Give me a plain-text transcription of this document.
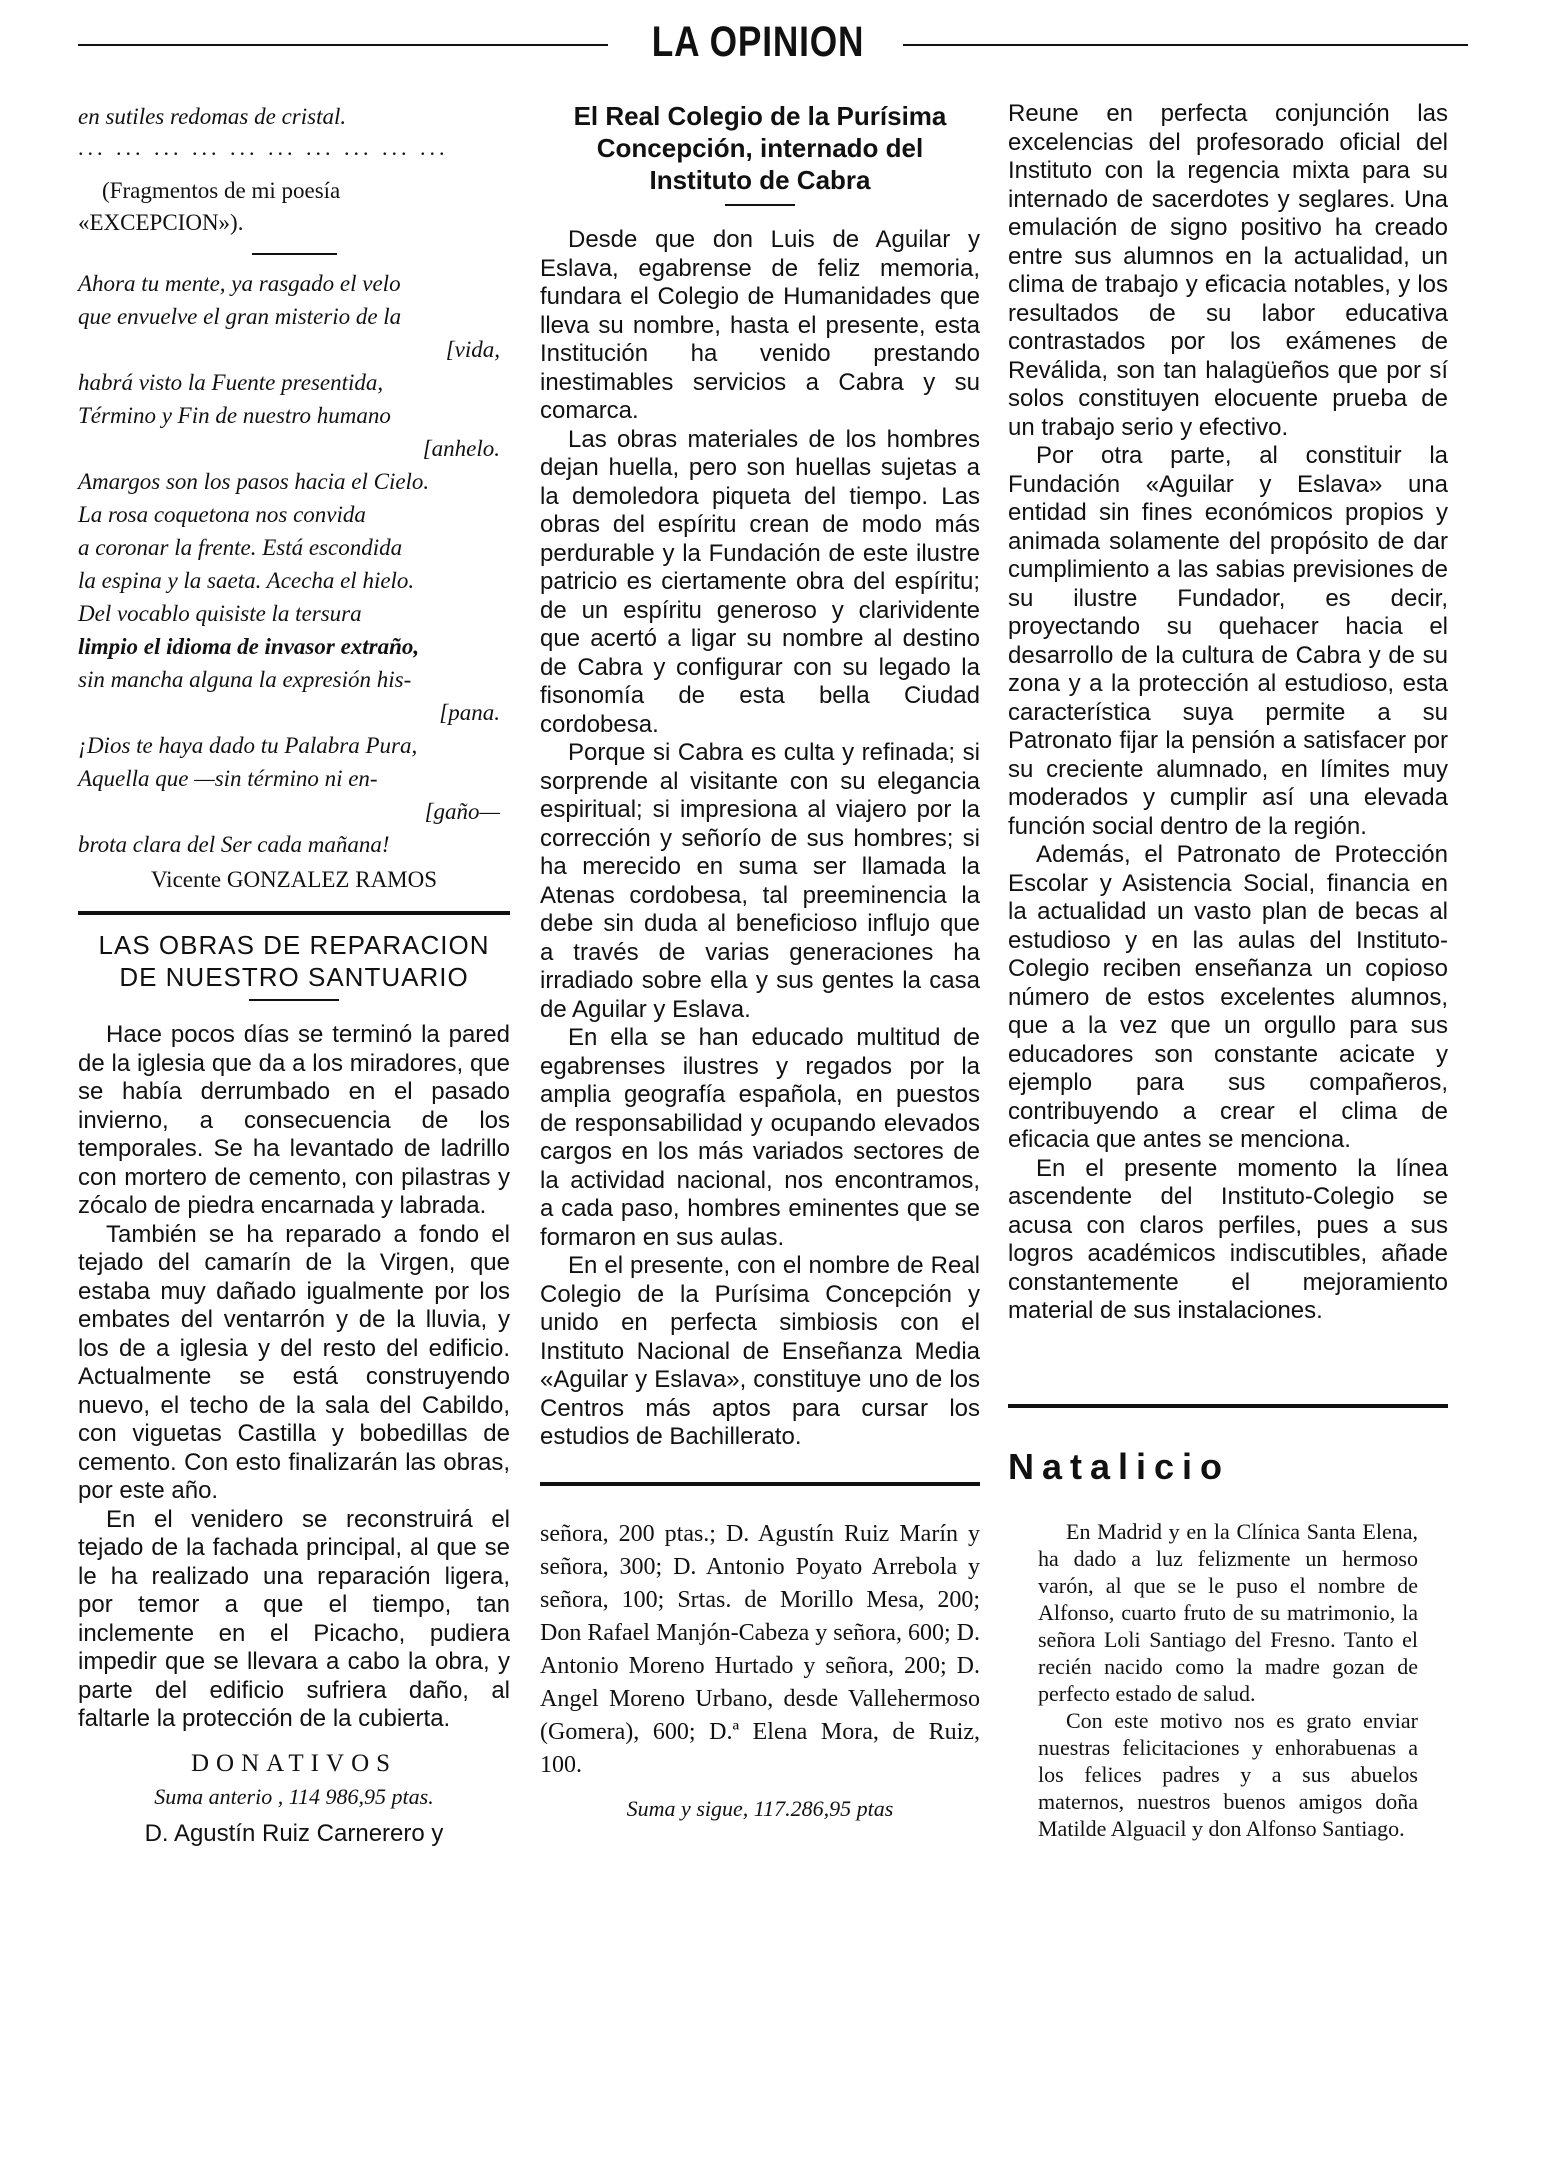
LA OPINION
en sutiles redomas de cristal.
... ... ... ... ... ... ... ... ... ...

(Fragmentos de mi poesía «EXCEPCION»).

Ahora tu mente, ya rasgado el velo
que envuelve el gran misterio de la
[vida,
habrá visto la Fuente presentida,
Término y Fin de nuestro humano
[anhelo.
Amargos son los pasos hacia el Cielo.
La rosa coquetona nos convida
a coronar la frente. Está escondida
la espina y la saeta. Acecha el hielo.
Del vocablo quisiste la tersura
limpio el idioma de invasor extraño,
sin mancha alguna la expresión his-
[pana.
¡Dios te haya dado tu Palabra Pura,
Aquella que —sin término ni en-
[gaño—
brota clara del Ser cada mañana!
Vicente GONZALEZ RAMOS
LAS OBRAS DE REPARACION DE NUESTRO SANTUARIO

Hace pocos días se terminó la pared de la iglesia que da a los miradores, que se había derrumbado en el pasado invierno, a consecuencia de los temporales. Se ha levantado de ladrillo con mortero de cemento, con pilastras y zócalo de piedra encarnada y labrada.

También se ha reparado a fondo el tejado del camarín de la Virgen, que estaba muy dañado igualmente por los embates del ventarrón y de la lluvia, y los de a iglesia y del resto del edificio. Actualmente se está construyendo nuevo, el techo de la sala del Cabildo, con viguetas Castilla y bobedillas de cemento. Con esto finalizarán las obras, por este año.

En el venidero se reconstruirá el tejado de la fachada principal, al que se le ha realizado una reparación ligera, por temor a que el tiempo, tan inclemente en el Picacho, pudiera impedir que se llevara a cabo la obra, y parte del edificio sufriera daño, al faltarle la protección de la cubierta.

DONATIVOS
Suma anterio , 114 986,95 ptas.
D. Agustín Ruiz Carnerero y
El Real Colegio de la Purísima Concepción, internado del Instituto de Cabra

Desde que don Luis de Aguilar y Eslava, egabrense de feliz memoria, fundara el Colegio de Humanidades que lleva su nombre, hasta el presente, esta Institución ha venido prestando inestimables servicios a Cabra y su comarca.

Las obras materiales de los hombres dejan huella, pero son huellas sujetas a la demoledora piqueta del tiempo. Las obras del espíritu crean de modo más perdurable y la Fundación de este ilustre patricio es ciertamente obra del espíritu; de un espíritu generoso y clarividente que acertó a ligar su nombre al destino de Cabra y configurar con su legado la fisonomía de esta bella Ciudad cordobesa.

Porque si Cabra es culta y refinada; si sorprende al visitante con su elegancia espiritual; si impresiona al viajero por la corrección y señorío de sus hombres; si ha merecido en suma ser llamada la Atenas cordobesa, tal preeminencia la debe sin duda al beneficioso influjo que a través de varias generaciones ha irradiado sobre ella y sus gentes la casa de Aguilar y Eslava.

En ella se han educado multitud de egabrenses ilustres y regados por la amplia geografía española, en puestos de responsabilidad y ocupando elevados cargos en los más variados sectores de la actividad nacional, nos encontramos, a cada paso, hombres eminentes que se formaron en sus aulas.

En el presente, con el nombre de Real Colegio de la Purísima Concepción y unido en perfecta simbiosis con el Instituto Nacional de Enseñanza Media «Aguilar y Eslava», constituye uno de los Centros más aptos para cursar los estudios de Bachillerato.

señora, 200 ptas.; D. Agustín Ruiz Marín y señora, 300; D. Antonio Poyato Arrebola y señora, 100; Srtas. de Morillo Mesa, 200; Don Rafael Manjón-Cabeza y señora, 600; D. Antonio Moreno Hurtado y señora, 200; D. Angel Moreno Urbano, desde Vallehermoso (Gomera), 600; D.ª Elena Mora, de Ruiz, 100.
Suma y sigue, 117.286,95 ptas

Reune en perfecta conjunción las excelencias del profesorado oficial del Instituto con la regencia mixta para su internado de sacerdotes y seglares. Una emulación de signo positivo ha creado entre sus alumnos en la actualidad, un clima de trabajo y eficacia notables, y los resultados de su labor educativa contrastados por los exámenes de Reválida, son tan halagüeños que por sí solos constituyen elocuente prueba de un trabajo serio y efectivo.

Por otra parte, al constituir la Fundación «Aguilar y Eslava» una entidad sin fines económicos propios y animada solamente del propósito de dar cumplimiento a las sabias previsiones de su ilustre Fundador, es decir, proyectando su quehacer hacia el desarrollo de la cultura de Cabra y de su zona y a la protección al estudioso, esta característica suya permite a su Patronato fijar la pensión a satisfacer por su creciente alumnado, en límites muy moderados y cumplir así una elevada función social dentro de la región.

Además, el Patronato de Protección Escolar y Asistencia Social, financia en la actualidad un vasto plan de becas al estudioso y en las aulas del Instituto-Colegio reciben enseñanza un copioso número de estos excelentes alumnos, que a la vez que un orgullo para sus educadores son constante acicate y ejemplo para sus compañeros, contribuyendo a crear el clima de eficacia que antes se menciona.

En el presente momento la línea ascendente del Instituto-Colegio se acusa con claros perfiles, pues a sus logros académicos indiscutibles, añade constantemente el mejoramiento material de sus instalaciones.

Natalicio

En Madrid y en la Clínica Santa Elena, ha dado a luz felizmente un hermoso varón, al que se le puso el nombre de Alfonso, cuarto fruto de su matrimonio, la señora Loli Santiago del Fresno. Tanto el recién nacido como la madre gozan de perfecto estado de salud.

Con este motivo nos es grato enviar nuestras felicitaciones y enhorabuenas a los felices padres y a sus abuelos maternos, nuestros buenos amigos doña Matilde Alguacil y don Alfonso Santiago.
